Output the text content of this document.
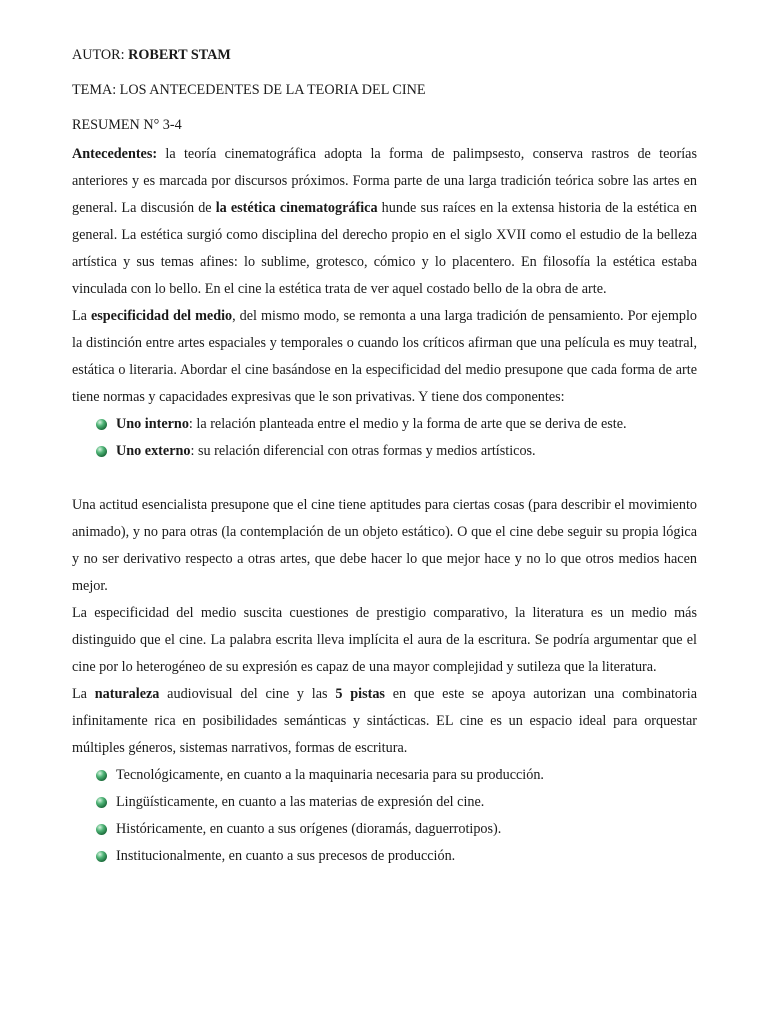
AUTOR: ROBERT STAM

TEMA: LOS ANTECEDENTES DE LA TEORIA DEL CINE

RESUMEN N° 3-4

Antecedentes: la teoría cinematográfica adopta la forma de palimpsesto, conserva rastros de teorías anteriores y es marcada por discursos próximos. Forma parte de una larga tradición teórica sobre las artes en general. La discusión de la estética cinematográfica hunde sus raíces en la extensa historia de la estética en general. La estética surgió como disciplina del derecho propio en el siglo XVII como el estudio de la belleza artística y sus temas afines: lo sublime, grotesco, cómico y lo placentero. En filosofía la estética estaba vinculada con lo bello. En el cine la estética trata de ver aquel costado bello de la obra de arte.

La especificidad del medio, del mismo modo, se remonta a una larga tradición de pensamiento. Por ejemplo la distinción entre artes espaciales y temporales o cuando los críticos afirman que una película es muy teatral, estática o literaria. Abordar el cine basándose en la especificidad del medio presupone que cada forma de arte tiene normas y capacidades expresivas que le son privativas. Y tiene dos componentes:

Uno interno: la relación planteada entre el medio y la forma de arte que se deriva de este.
Uno externo: su relación diferencial con otras formas y medios artísticos.

Una actitud esencialista presupone que el cine tiene aptitudes para ciertas cosas (para describir el movimiento animado), y no para otras (la contemplación de un objeto estático). O que el cine debe seguir su propia lógica y no ser derivativo respecto a otras artes, que debe hacer lo que mejor hace y no lo que otros medios hacen mejor.

La especificidad del medio suscita cuestiones de prestigio comparativo, la literatura es un medio más distinguido que el cine. La palabra escrita lleva implícita el aura de la escritura. Se podría argumentar que el cine por lo heterogéneo de su expresión es capaz de una mayor complejidad y sutileza que la literatura.

La naturaleza audiovisual del cine y las 5 pistas en que este se apoya autorizan una combinatoria infinitamente rica en posibilidades semánticas y sintácticas. EL cine es un espacio ideal para orquestar múltiples géneros, sistemas narrativos, formas de escritura.

Tecnológicamente, en cuanto a la maquinaria necesaria para su producción.
Lingüísticamente, en cuanto a las materias de expresión del cine.
Históricamente, en cuanto a sus orígenes (dioramás, daguerrotipos).
Institucionalmente, en cuanto a sus precesos de producción.
